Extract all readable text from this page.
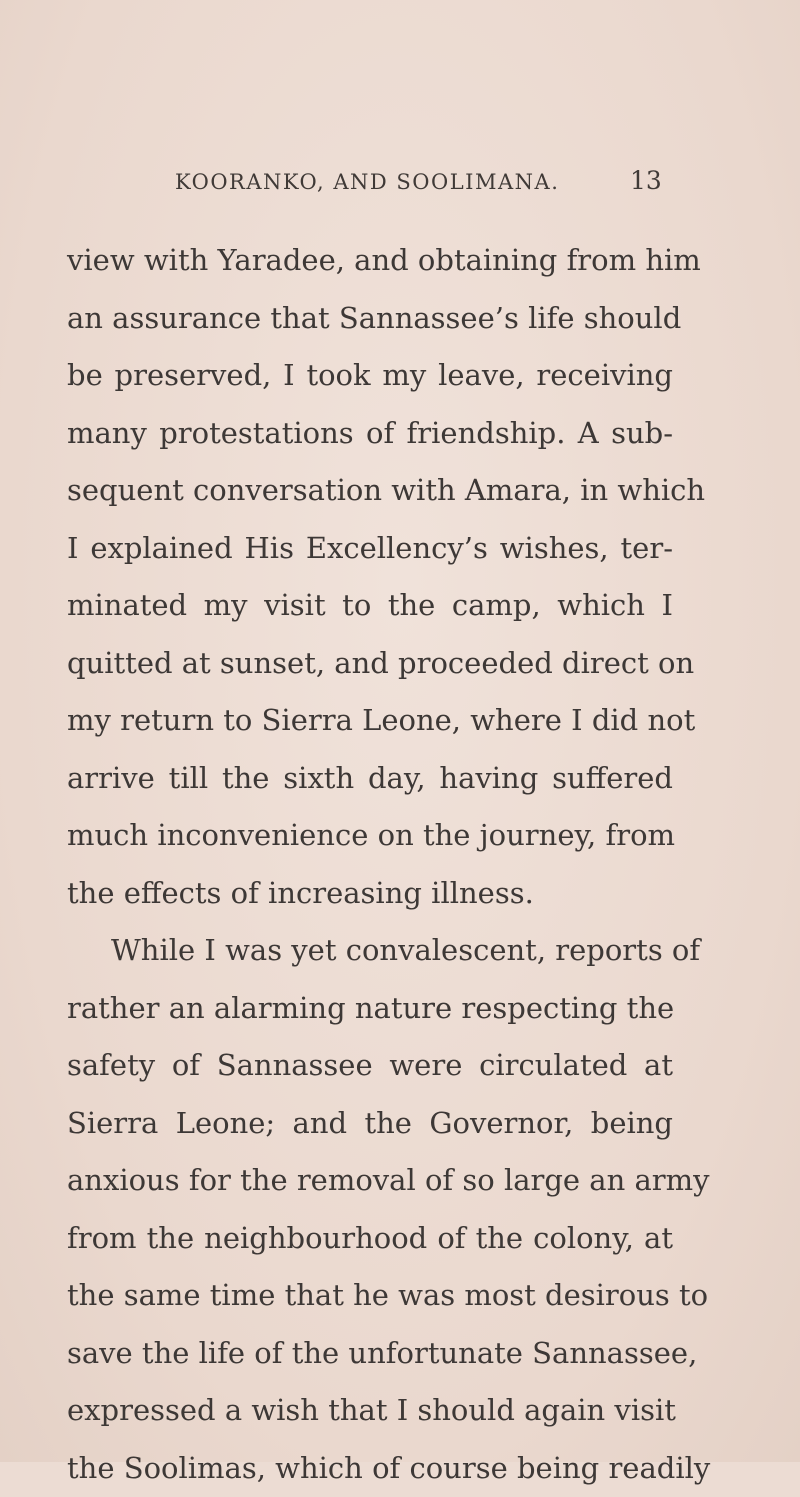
KOORANKO, AND SOOLIMANA.	13
view with Yaradee, and obtaining from him
an assurance that Sannassee’s life should
be preserved, I took my leave, receiving
many protestations of friendship. A sub-
sequent conversation with Amara, in which
I explained His Excellency’s wishes, ter-
minated my visit to the camp, which I
quitted at sunset, and proceeded direct on
my return to Sierra Leone, where I did not
arrive till the sixth day, having suffered
much inconvenience on the journey, from
the effects of increasing illness.
While I was yet convalescent, reports of
rather an alarming nature respecting the
safety of Sannassee were circulated at
Sierra Leone; and the Governor, being
anxious for the removal of so large an army
from the neighbourhood of the colony, at
the same time that he was most desirous to
save the life of the unfortunate Sannassee,
expressed a wish that I should again visit
the Soolimas, which of course being readily
